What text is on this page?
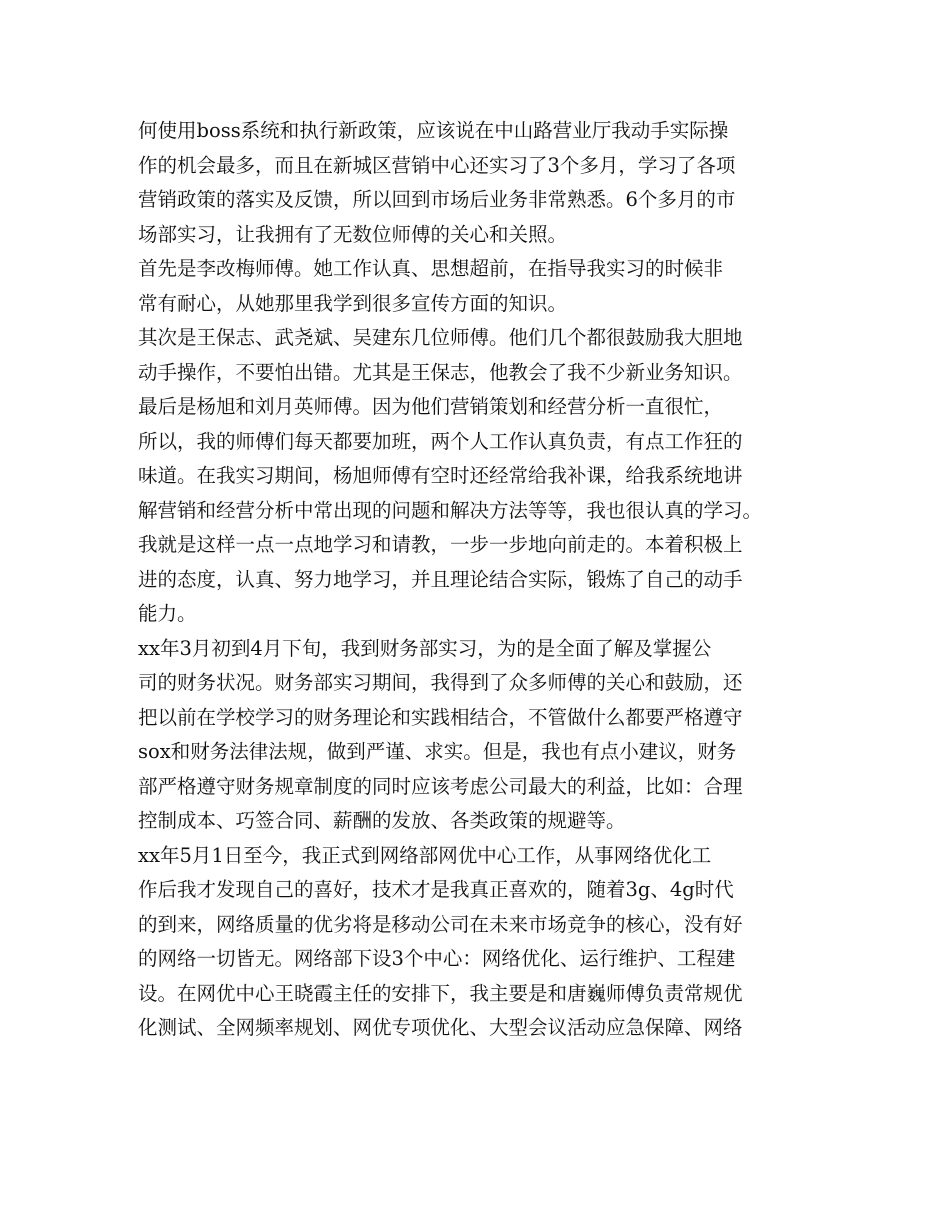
何使用boss系统和执行新政策，应该说在中山路营业厅我动手实际操
作的机会最多，而且在新城区营销中心还实习了3个多月，学习了各项
营销政策的落实及反馈，所以回到市场后业务非常熟悉。6个多月的市
场部实习，让我拥有了无数位师傅的关心和关照。
首先是李改梅师傅。她工作认真、思想超前，在指导我实习的时候非
常有耐心，从她那里我学到很多宣传方面的知识。
其次是王保志、武尧斌、吴建东几位师傅。他们几个都很鼓励我大胆地
动手操作，不要怕出错。尤其是王保志，他教会了我不少新业务知识。
最后是杨旭和刘月英师傅。因为他们营销策划和经营分析一直很忙，
所以，我的师傅们每天都要加班，两个人工作认真负责，有点工作狂的
味道。在我实习期间，杨旭师傅有空时还经常给我补课，给我系统地讲
解营销和经营分析中常出现的问题和解决方法等等，我也很认真的学习。
我就是这样一点一点地学习和请教，一步一步地向前走的。本着积极上
进的态度，认真、努力地学习，并且理论结合实际，锻炼了自己的动手
能力。
xx年3月初到4月下旬，我到财务部实习，为的是全面了解及掌握公
司的财务状况。财务部实习期间，我得到了众多师傅的关心和鼓励，还
把以前在学校学习的财务理论和实践相结合，不管做什么都要严格遵守
sox和财务法律法规，做到严谨、求实。但是，我也有点小建议，财务
部严格遵守财务规章制度的同时应该考虑公司最大的利益，比如：合理
控制成本、巧签合同、薪酬的发放、各类政策的规避等。
xx年5月1日至今，我正式到网络部网优中心工作，从事网络优化工
作后我才发现自己的喜好，技术才是我真正喜欢的，随着3g、4g时代
的到来，网络质量的优劣将是移动公司在未来市场竞争的核心，没有好
的网络一切皆无。网络部下设3个中心：网络优化、运行维护、工程建
设。在网优中心王晓霞主任的安排下，我主要是和唐巍师傅负责常规优
化测试、全网频率规划、网优专项优化、大型会议活动应急保障、网络
